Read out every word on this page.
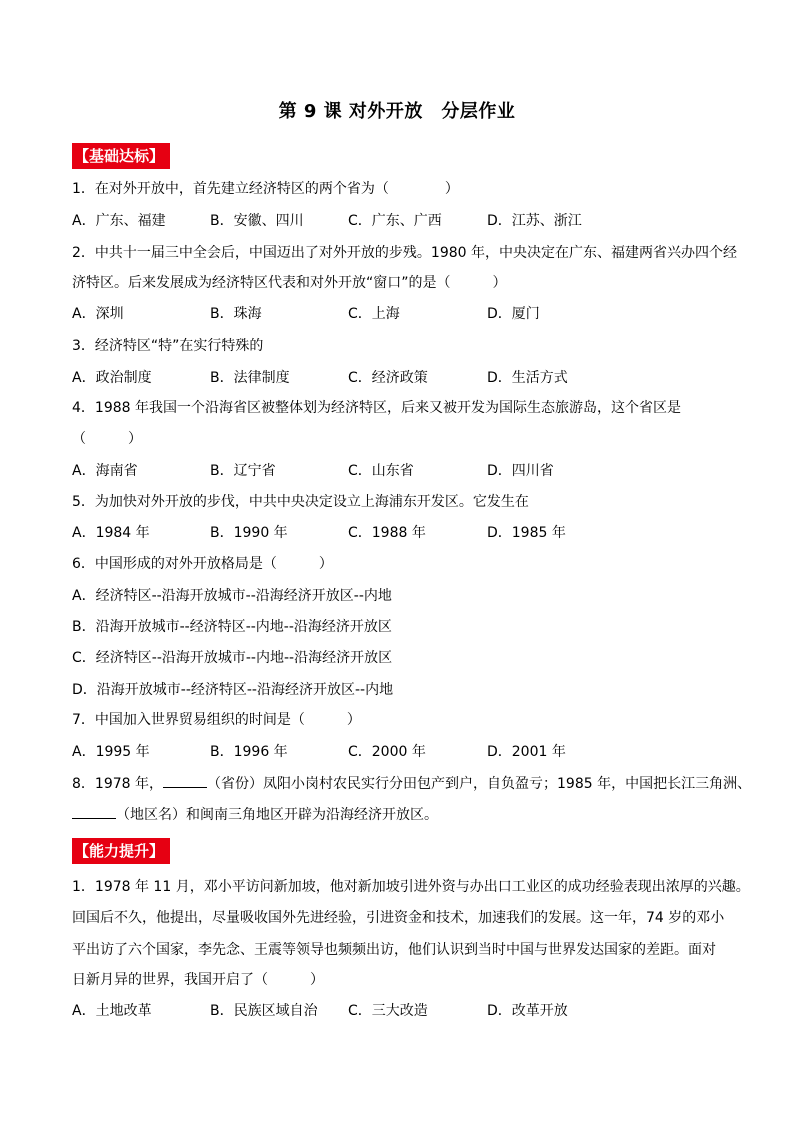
第 9 课 对外开放　分层作业
【基础达标】
1．在对外开放中，首先建立经济特区的两个省为（　　　　）
A．广东、福建	B．安徽、四川	C．广东、广西	D．江苏、浙江
2．中共十一届三中全会后，中国迈出了对外开放的步残。1980 年，中央决定在广东、福建两省兴办四个经
济特区。后来发展成为经济特区代表和对外开放“窗口”的是（　　　）
A．深圳	B．珠海	C．上海	D．厦门
3．经济特区“特”在实行特殊的
A．政治制度	B．法律制度	C．经济政策	D．生活方式
4．1988 年我国一个沿海省区被整体划为经济特区，后来又被开发为国际生态旅游岛，这个省区是
（　　　）
A．海南省	B．辽宁省	C．山东省	D．四川省
5．为加快对外开放的步伐，中共中央决定设立上海浦东开发区。它发生在
A．1984 年	B．1990 年	C．1988 年	D．1985 年
6．中国形成的对外开放格局是（　　　）
A．经济特区--沿海开放城市--沿海经济开放区--内地
B．沿海开放城市--经济特区--内地--沿海经济开放区
C．经济特区--沿海开放城市--内地--沿海经济开放区
D．沿海开放城市--经济特区--沿海经济开放区--内地
7．中国加入世界贸易组织的时间是（　　　）
A．1995 年	B．1996 年	C．2000 年	D．2001 年
8．1978 年，	（省份）凤阳小岗村农民实行分田包产到户，自负盈亏；1985 年，中国把长江三角洲、
（地区名）和闽南三角地区开辟为沿海经济开放区。
【能力提升】
1．1978 年 11 月，邓小平访问新加坡，他对新加坡引进外资与办出口工业区的成功经验表现出浓厚的兴趣。
回国后不久，他提出，尽量吸收国外先进经验，引进资金和技术，加速我们的发展。这一年，74 岁的邓小
平出访了六个国家，李先念、王震等领导也频频出访，他们认识到当时中国与世界发达国家的差距。面对
日新月异的世界，我国开启了（　　　）
A．土地改革	B．民族区域自治 C．三大改造	D．改革开放
